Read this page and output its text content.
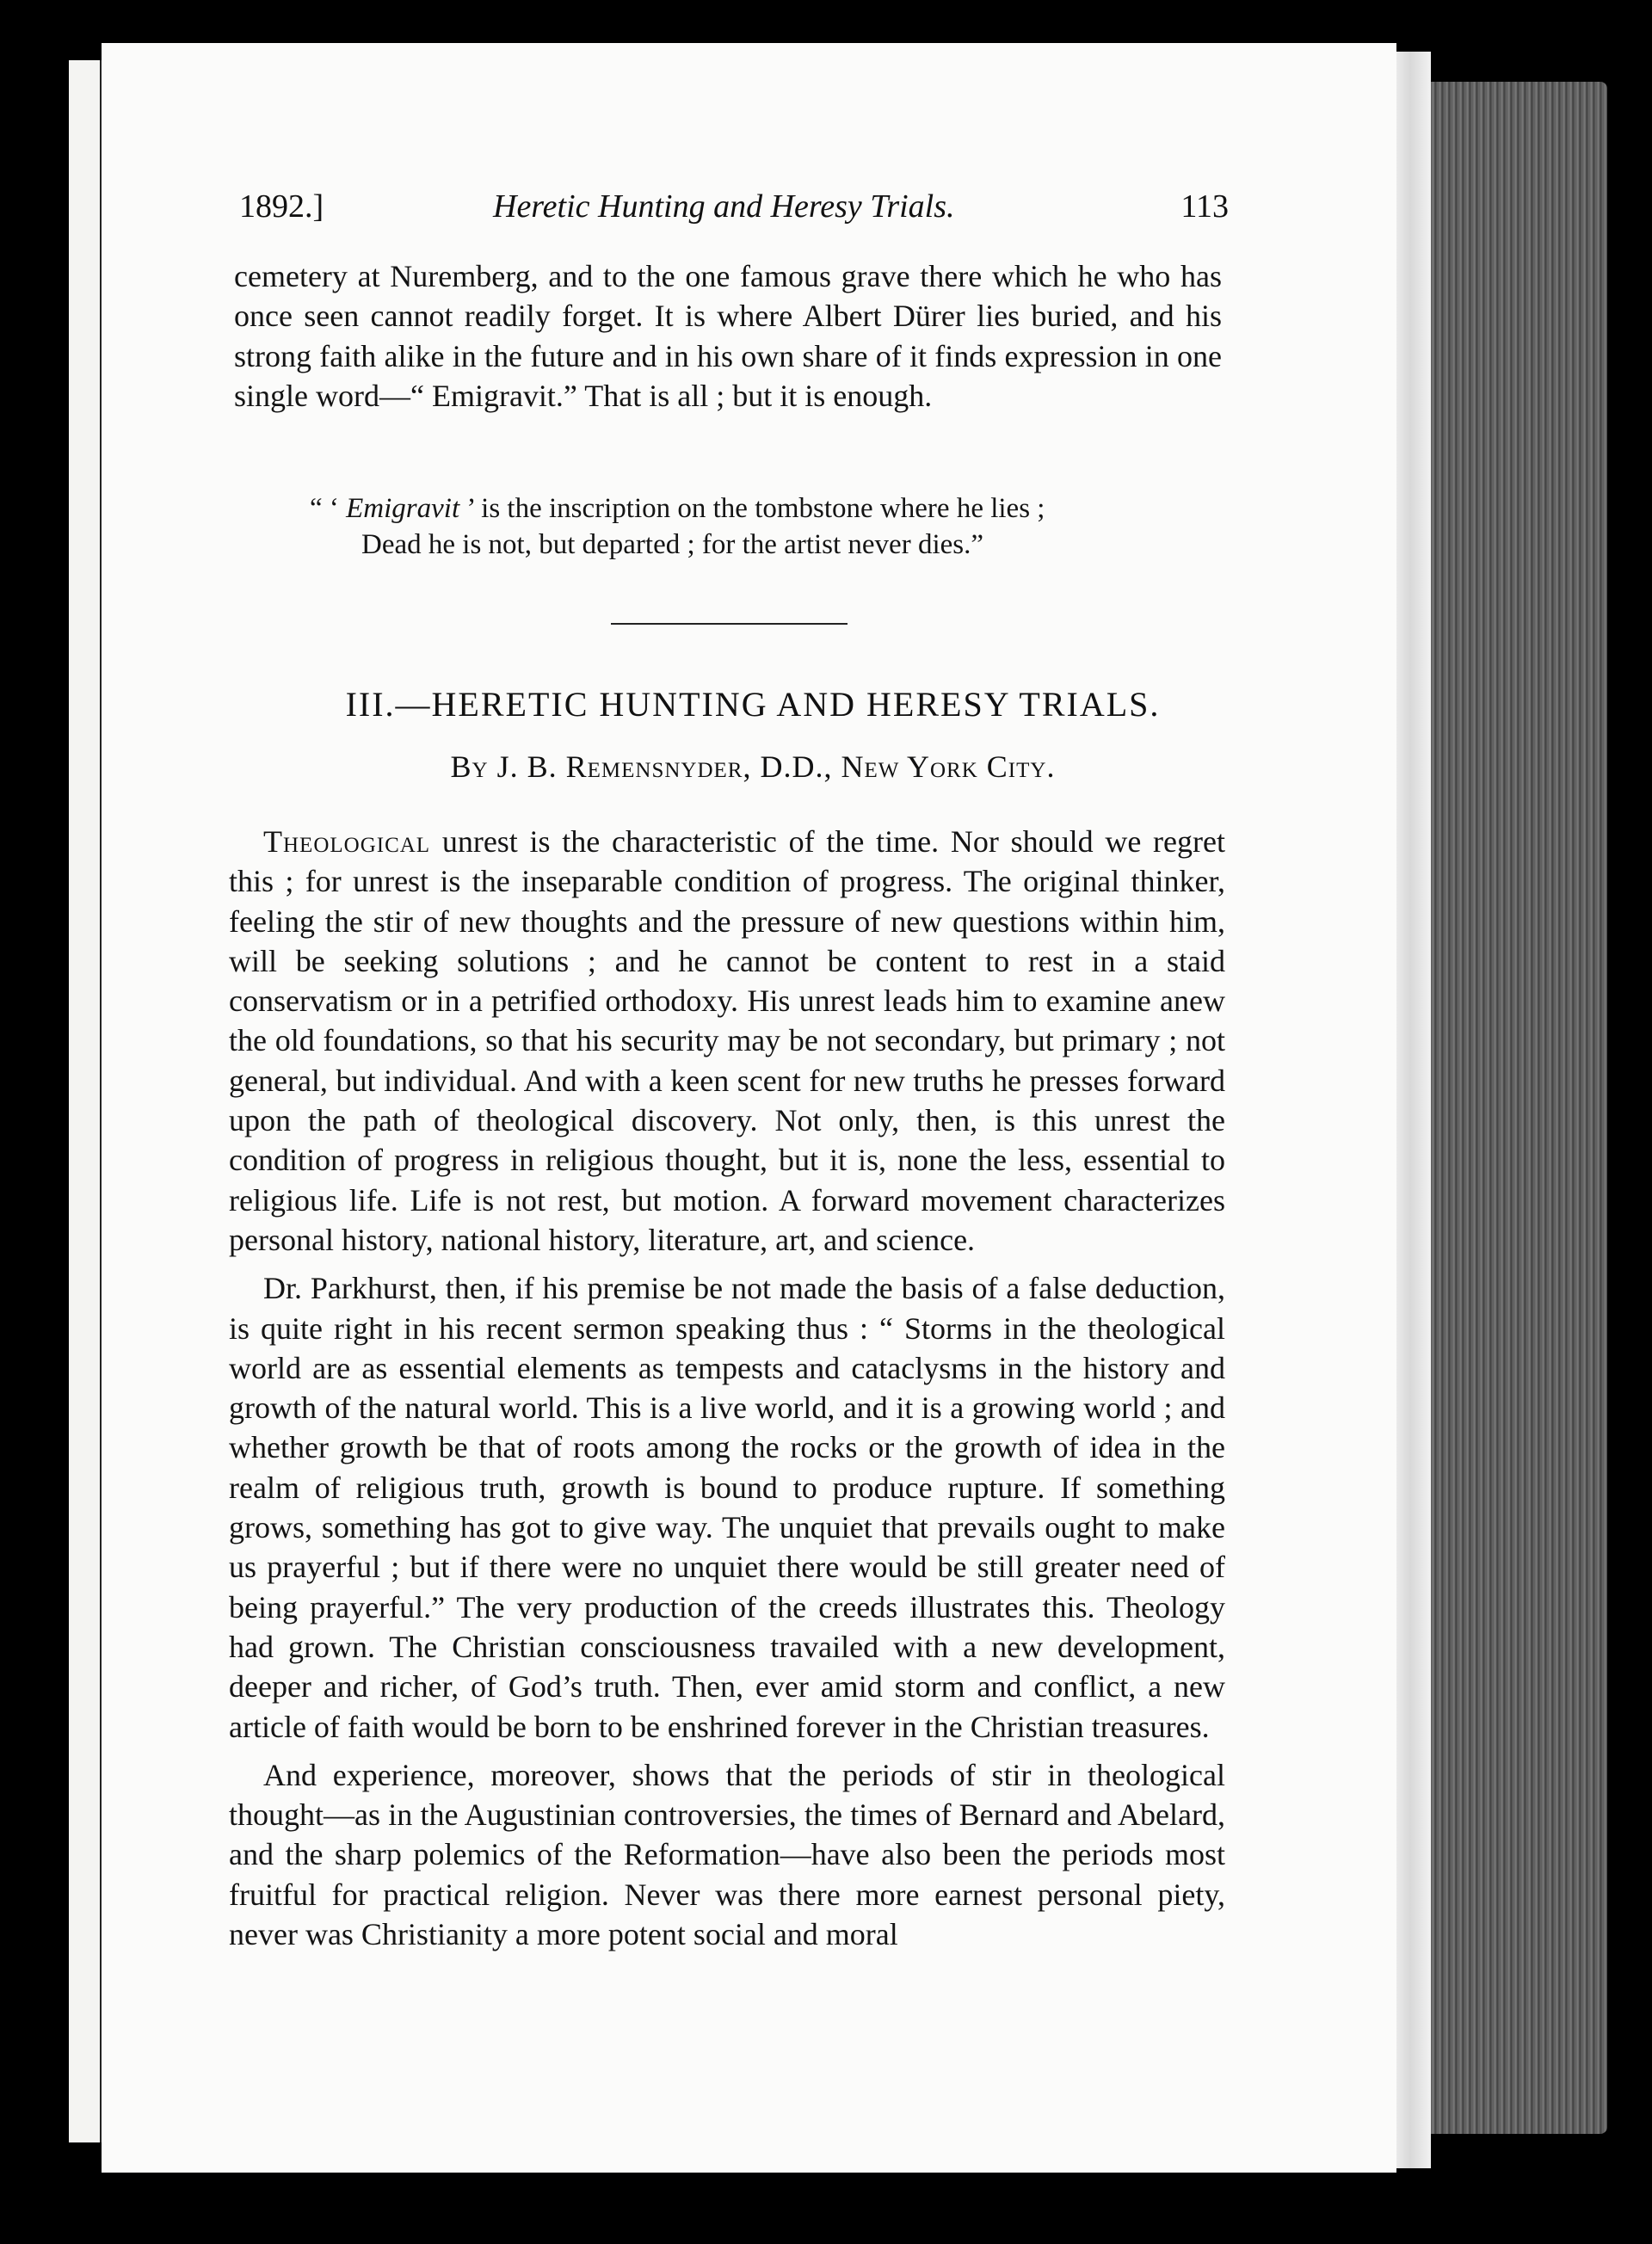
1892.]	Heretic Hunting and Heresy Trials.	113

cemetery at Nuremberg, and to the one famous grave there which he who has once seen cannot readily forget. It is where Albert Dürer lies buried, and his strong faith alike in the future and in his own share of it finds expression in one single word—“ Emigravit.” That is all ; but it is enough.

“ ‘ Emigravit ’ is the inscription on the tombstone where he lies ;
Dead he is not, but departed ; for the artist never dies.”
III.—HERETIC HUNTING AND HERESY TRIALS.
By J. B. Remensnyder, D.D., New York City.

Theological unrest is the characteristic of the time. Nor should we regret this ; for unrest is the inseparable condition of progress. The original thinker, feeling the stir of new thoughts and the pressure of new questions within him, will be seeking solutions ; and he cannot be content to rest in a staid conservatism or in a petrified orthodoxy. His unrest leads him to examine anew the old foundations, so that his security may be not secondary, but primary ; not general, but individual. And with a keen scent for new truths he presses forward upon the path of theological discovery. Not only, then, is this unrest the condition of progress in religious thought, but it is, none the less, essential to religious life. Life is not rest, but motion. A forward movement characterizes personal history, national history, literature, art, and science.

Dr. Parkhurst, then, if his premise be not made the basis of a false deduction, is quite right in his recent sermon speaking thus : “ Storms in the theological world are as essential elements as tempests and cataclysms in the history and growth of the natural world. This is a live world, and it is a growing world ; and whether growth be that of roots among the rocks or the growth of idea in the realm of religious truth, growth is bound to produce rupture. If something grows, something has got to give way. The unquiet that prevails ought to make us prayerful ; but if there were no unquiet there would be still greater need of being prayerful.” The very production of the creeds illustrates this. Theology had grown. The Christian consciousness travailed with a new development, deeper and richer, of God’s truth. Then, ever amid storm and conflict, a new article of faith would be born to be enshrined forever in the Christian treasures.

And experience, moreover, shows that the periods of stir in theological thought—as in the Augustinian controversies, the times of Bernard and Abelard, and the sharp polemics of the Reformation—have also been the periods most fruitful for practical religion. Never was there more earnest personal piety, never was Christianity a more potent social and moral
